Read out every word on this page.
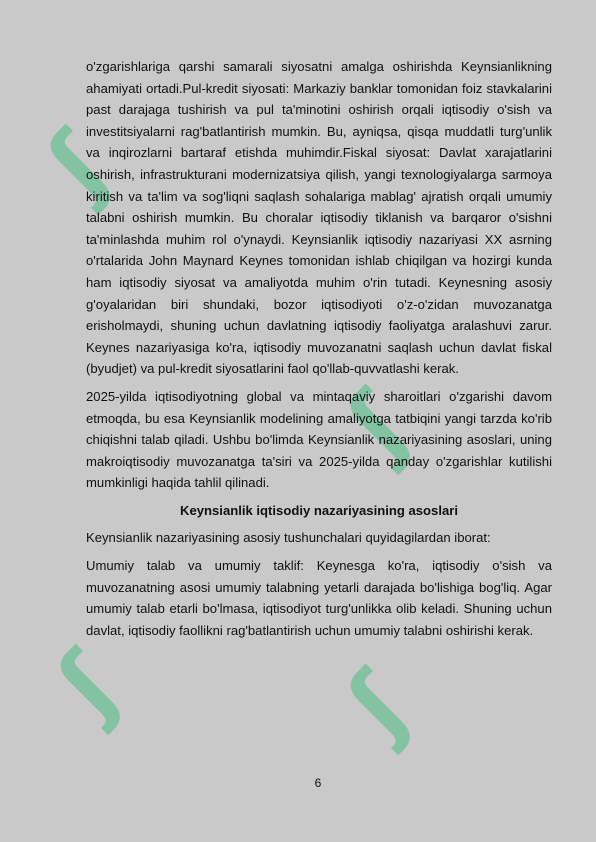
ʃ
ʃ
ʃ ʃ

o'zgarishlariga qarshi samarali siyosatni amalga oshirishda Keynsianlikning ahamiyati ortadi.Pul-kredit siyosati: Markaziy banklar tomonidan foiz stavkalarini past darajaga tushirish va pul ta'minotini oshirish orqali iqtisodiy o'sish va investitsiyalarni rag'batlantirish mumkin. Bu, ayniqsa, qisqa muddatli turg'unlik va inqirozlarni bartaraf etishda muhimdir.Fiskal siyosat: Davlat xarajatlarini oshirish, infrastrukturani modernizatsiya qilish, yangi texnologiyalarga sarmoya kiritish va ta'lim va sog'liqni saqlash sohalariga mablag' ajratish orqali umumiy talabni oshirish mumkin. Bu choralar iqtisodiy tiklanish va barqaror o'sishni ta'minlashda muhim rol o'ynaydi. Keynsianlik iqtisodiy nazariyasi XX asrning o'rtalarida John Maynard Keynes tomonidan ishlab chiqilgan va hozirgi kunda ham iqtisodiy siyosat va amaliyotda muhim o'rin tutadi. Keynesning asosiy g'oyalaridan biri shundaki, bozor iqtisodiyoti o'z-o'zidan muvozanatga erisholmaydi, shuning uchun davlatning iqtisodiy faoliyatga aralashuvi zarur. Keynes nazariyasiga ko'ra, iqtisodiy muvozanatni saqlash uchun davlat fiskal (byudjet) va pul-kredit siyosatlarini faol qo'llab-quvvatlashi kerak.

2025-yilda iqtisodiyotning global va mintaqaviy sharoitlari o'zgarishi davom etmoqda, bu esa Keynsianlik modelining amaliyotga tatbiqini yangi tarzda ko'rib chiqishni talab qiladi. Ushbu bo'limda Keynsianlik nazariyasining asoslari, uning makroiqtisodiy muvozanatga ta'siri va 2025-yilda qanday o'zgarishlar kutilishi mumkinligi haqida tahlil qilinadi.

Keynsianlik iqtisodiy nazariyasining asoslari

Keynsianlik nazariyasining asosiy tushunchalari quyidagilardan iborat:

Umumiy talab va umumiy taklif: Keynesga ko'ra, iqtisodiy o'sish va muvozanatning asosi umumiy talabning yetarli darajada bo'lishiga bog'liq. Agar umumiy talab etarli bo'lmasa, iqtisodiyot turg'unlikka olib keladi. Shuning uchun davlat, iqtisodiy faollikni rag'batlantirish uchun umumiy talabni oshirishi kerak.

6
